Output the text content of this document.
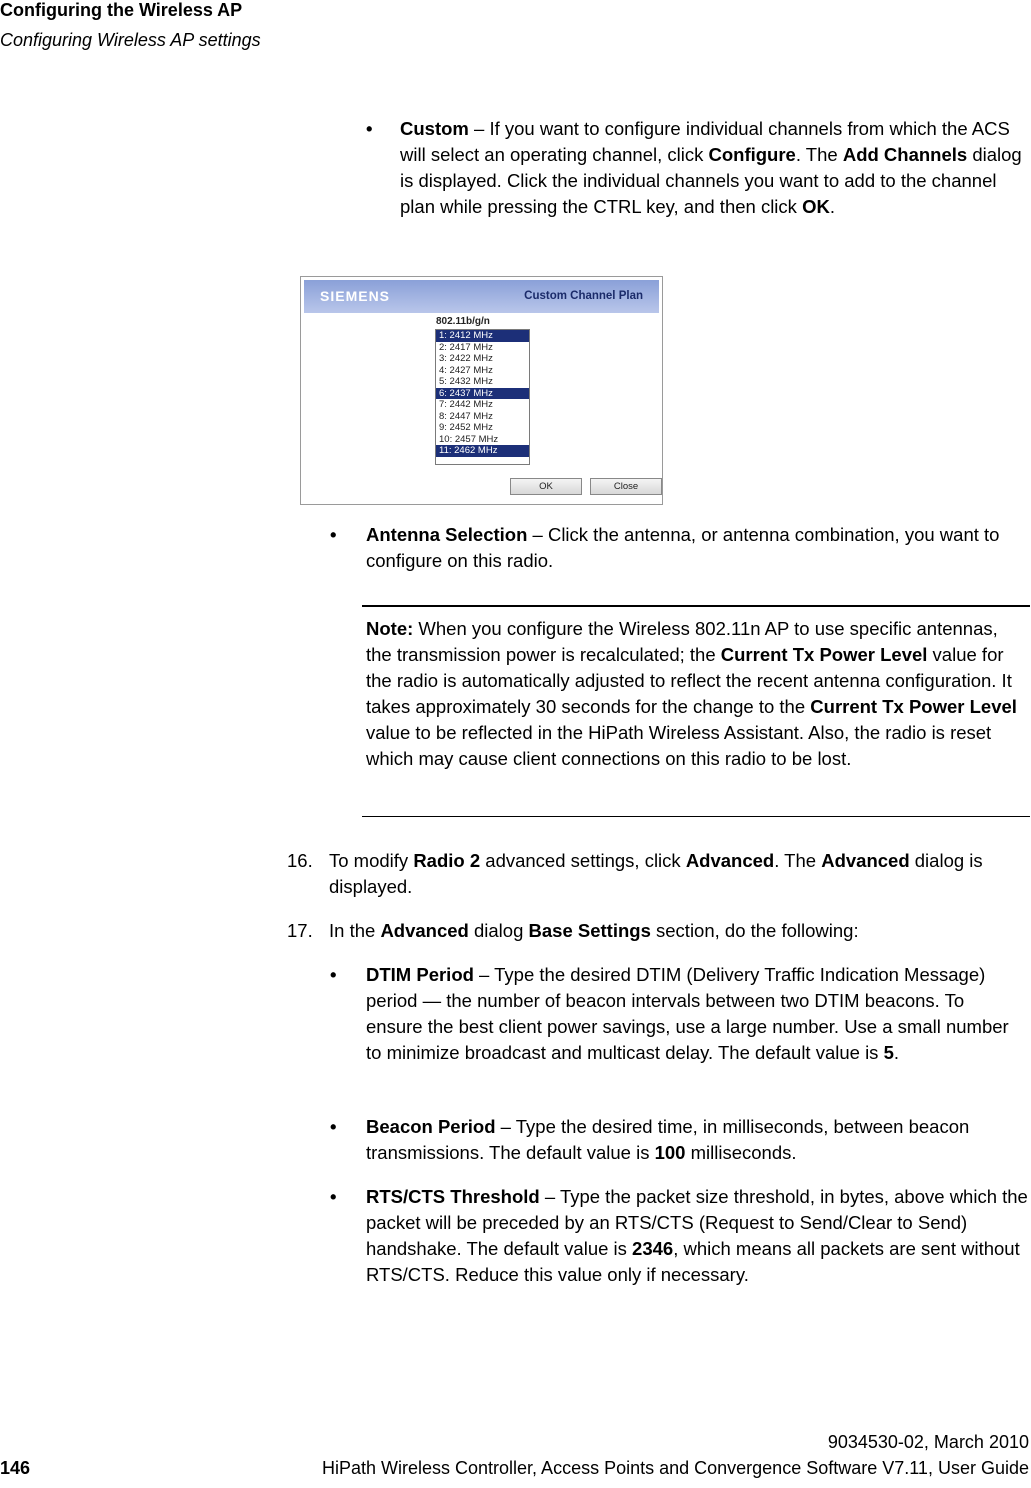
Configuring the Wireless AP
Configuring Wireless AP settings
• Custom – If you want to configure individual channels from which the ACS will select an operating channel, click Configure. The Add Channels dialog is displayed. Click the individual channels you want to add to the channel plan while pressing the CTRL key, and then click OK.
SIEMENS	Custom Channel Plan
802.11b/g/n
1: 2412 MHz
2: 2417 MHz
3: 2422 MHz
4: 2427 MHz
5: 2432 MHz
6: 2437 MHz
7: 2442 MHz
8: 2447 MHz
9: 2452 MHz
10: 2457 MHz
11: 2462 MHz
OK	Close
• Antenna Selection – Click the antenna, or antenna combination, you want to configure on this radio.
Note: When you configure the Wireless 802.11n AP to use specific antennas, the transmission power is recalculated; the Current Tx Power Level value for the radio is automatically adjusted to reflect the recent antenna configuration. It takes approximately 30 seconds for the change to the Current Tx Power Level value to be reflected in the HiPath Wireless Assistant. Also, the radio is reset which may cause client connections on this radio to be lost.
16. To modify Radio 2 advanced settings, click Advanced. The Advanced dialog is displayed.
17. In the Advanced dialog Base Settings section, do the following:
• DTIM Period – Type the desired DTIM (Delivery Traffic Indication Message) period — the number of beacon intervals between two DTIM beacons. To ensure the best client power savings, use a large number. Use a small number to minimize broadcast and multicast delay. The default value is 5.
• Beacon Period – Type the desired time, in milliseconds, between beacon transmissions. The default value is 100 milliseconds.
• RTS/CTS Threshold – Type the packet size threshold, in bytes, above which the packet will be preceded by an RTS/CTS (Request to Send/Clear to Send) handshake. The default value is 2346, which means all packets are sent without RTS/CTS. Reduce this value only if necessary.
9034530-02, March 2010
146	HiPath Wireless Controller, Access Points and Convergence Software V7.11, User Guide
